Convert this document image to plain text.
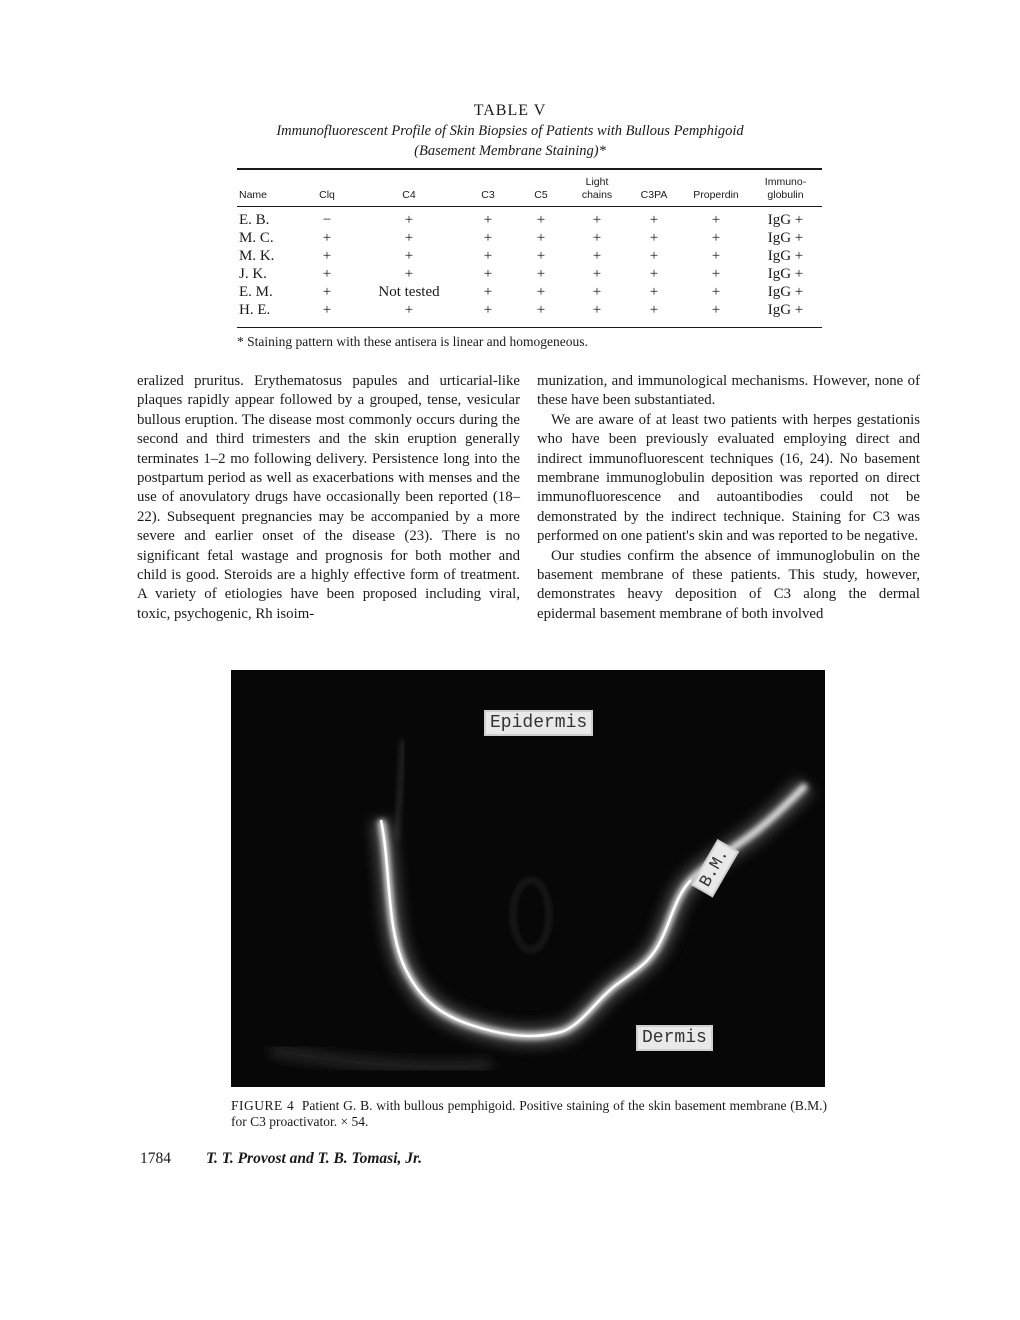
TABLE V
Immunofluorescent Profile of Skin Biopsies of Patients with Bullous Pemphigoid
(Basement Membrane Staining)*
Name	Clq	C4	C3	C5	Light chains	C3PA	Properdin	Immuno- globulin
E. B.	−	+	+	+	+	+	+	IgG +
M. C.	+	+	+	+	+	+	+	IgG +
M. K.	+	+	+	+	+	+	+	IgG +
J. K.	+	+	+	+	+	+	+	IgG +
E. M.	+	Not tested	+	+	+	+	+	IgG +
H. E.	+	+	+	+	+	+	+	IgG +
* Staining pattern with these antisera is linear and homogeneous.

eralized pruritus. Erythematosus papules and urticarial-like plaques rapidly appear followed by a grouped, tense, vesicular bullous eruption. The disease most commonly occurs during the second and third trimesters and the skin eruption generally terminates 1–2 mo following delivery. Persistence long into the postpartum period as well as exacerbations with menses and the use of anovulatory drugs have occasionally been reported (18–22). Subsequent pregnancies may be accompanied by a more severe and earlier onset of the disease (23). There is no significant fetal wastage and prognosis for both mother and child is good. Steroids are a highly effective form of treatment. A variety of etiologies have been proposed including viral, toxic, psychogenic, Rh isoim-

munization, and immunological mechanisms. However, none of these have been substantiated.

We are aware of at least two patients with herpes gestationis who have been previously evaluated employing direct and indirect immunofluorescent techniques (16, 24). No basement membrane immunoglobulin deposition was reported on direct immunofluorescence and autoantibodies could not be demonstrated by the indirect technique. Staining for C3 was performed on one patient's skin and was reported to be negative.

Our studies confirm the absence of immunoglobulin on the basement membrane of these patients. This study, however, demonstrates heavy deposition of C3 along the dermal epidermal basement membrane of both involved

Epidermis
B.M.
Dermis
FIGURE 4 Patient G. B. with bullous pemphigoid. Positive staining of the skin basement membrane (B.M.) for C3 proactivator. × 54.
1784 T. T. Provost and T. B. Tomasi, Jr.
